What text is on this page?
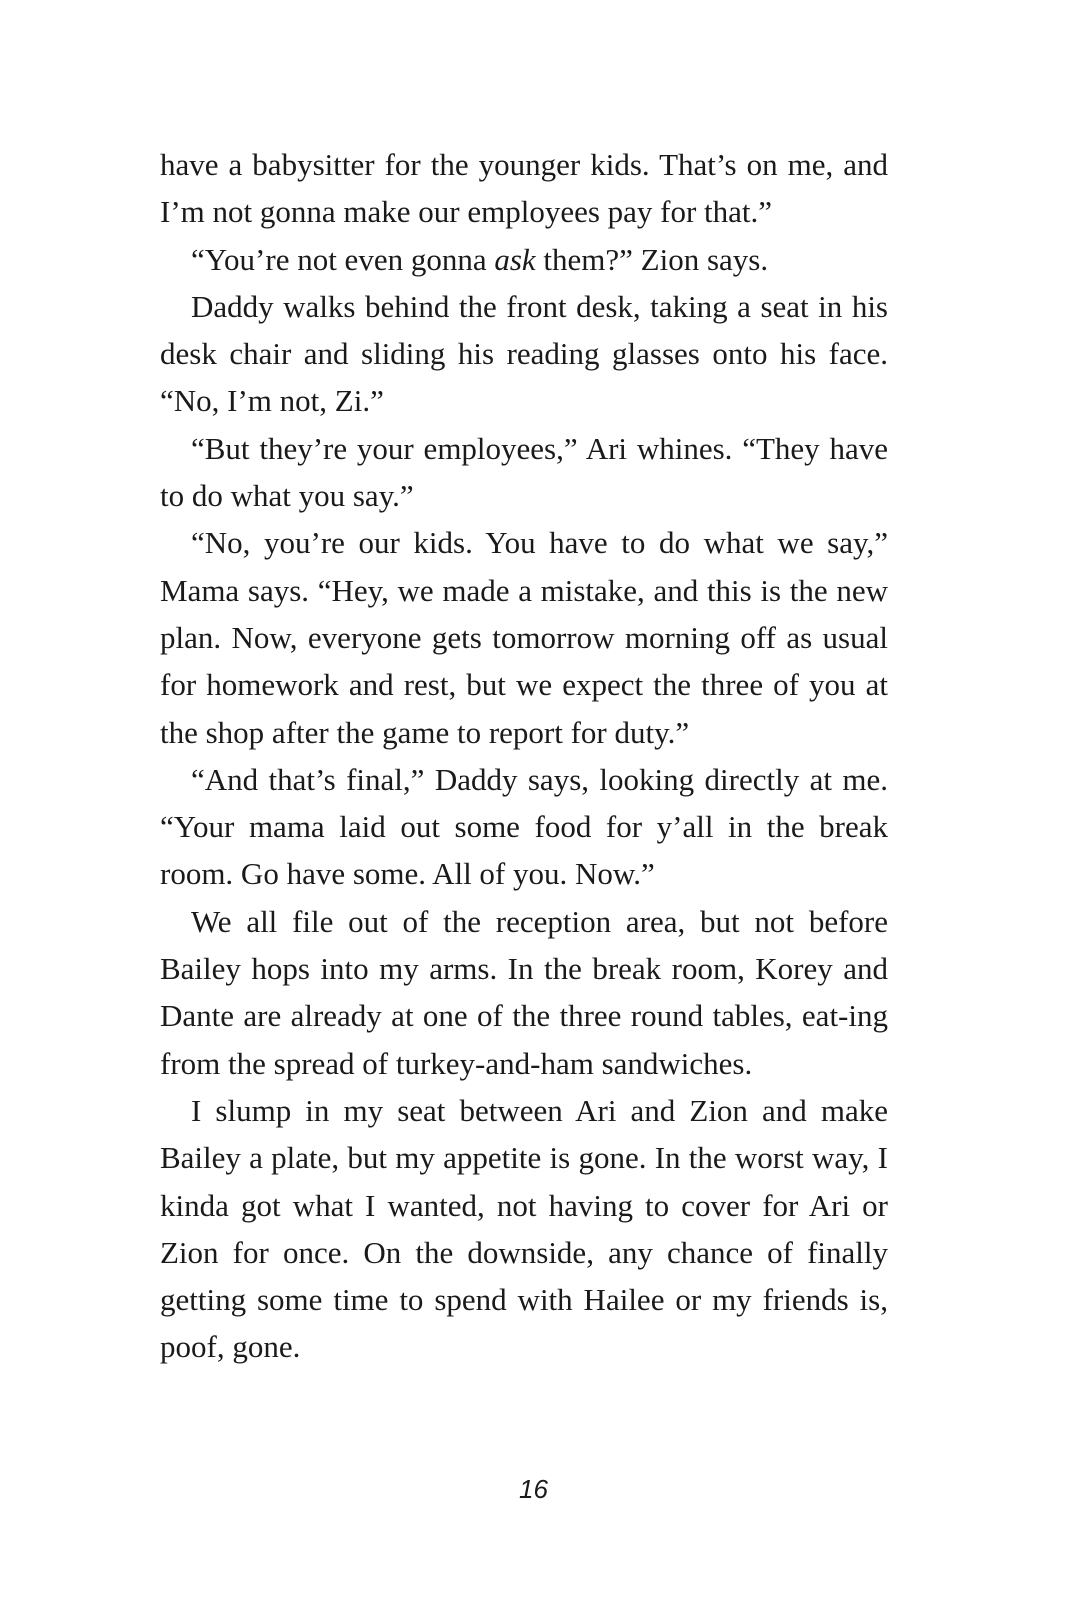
have a babysitter for the younger kids. That’s on me, and I’m not gonna make our employees pay for that.”

“You’re not even gonna ask them?” Zion says.

Daddy walks behind the front desk, taking a seat in his desk chair and sliding his reading glasses onto his face. “No, I’m not, Zi.”

“But they’re your employees,” Ari whines. “They have to do what you say.”

“No, you’re our kids. You have to do what we say,” Mama says. “Hey, we made a mistake, and this is the new plan. Now, everyone gets tomorrow morning off as usual for homework and rest, but we expect the three of you at the shop after the game to report for duty.”

“And that’s final,” Daddy says, looking directly at me. “Your mama laid out some food for y’all in the break room. Go have some. All of you. Now.”

We all file out of the reception area, but not before Bailey hops into my arms. In the break room, Korey and Dante are already at one of the three round tables, eat-ing from the spread of turkey-and-ham sandwiches.

I slump in my seat between Ari and Zion and make Bailey a plate, but my appetite is gone. In the worst way, I kinda got what I wanted, not having to cover for Ari or Zion for once. On the downside, any chance of finally getting some time to spend with Hailee or my friends is, poof, gone.

16
